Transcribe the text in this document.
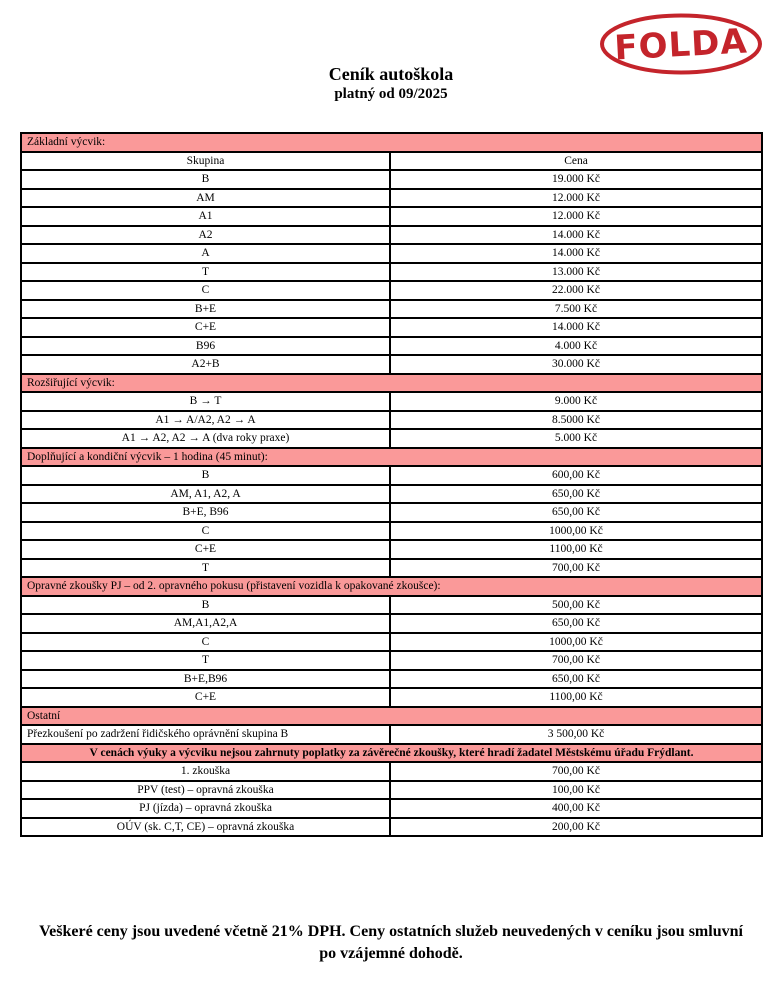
FOLDA
Ceník autoškola
platný od 09/2025
Základní výcvik:	
Skupina	Cena
B	19.000 Kč
AM	12.000 Kč
A1	12.000 Kč
A2	14.000 Kč
A	14.000 Kč
T	13.000 Kč
C	22.000 Kč
B+E	7.500 Kč
C+E	14.000 Kč
B96	4.000 Kč
A2+B	30.000 Kč
Rozšiřující výcvik:	
B → T	9.000 Kč
A1 → A/A2, A2 → A	8.5000 Kč
A1 → A2, A2 → A (dva roky praxe)	5.000 Kč
Doplňující a kondiční výcvik – 1 hodina (45 minut):	
B	600,00 Kč
AM, A1, A2, A	650,00 Kč
B+E, B96	650,00 Kč
C	1000,00 Kč
C+E	1100,00 Kč
T	700,00 Kč
Opravné zkoušky PJ – od 2. opravného pokusu (přistavení vozidla k opakované zkoušce):	
B	500,00 Kč
AM,A1,A2,A	650,00 Kč
C	1000,00 Kč
T	700,00 Kč
B+E,B96	650,00 Kč
C+E	1100,00 Kč
Ostatní	
Přezkoušení po zadržení řidičského oprávnění skupina B	3 500,00 Kč
V cenách výuky a výcviku nejsou zahrnuty poplatky za závěrečné zkoušky, které hradí žadatel Městskému úřadu Frýdlant.	
1. zkouška	700,00 Kč
PPV (test) – opravná zkouška	100,00 Kč
PJ (jízda) – opravná zkouška	400,00 Kč
OÚV (sk. C,T, CE) – opravná zkouška	200,00 Kč
Veškeré ceny jsou uvedené včetně 21% DPH. Ceny ostatních služeb neuvedených v ceníku jsou smluvní po vzájemné dohodě.
